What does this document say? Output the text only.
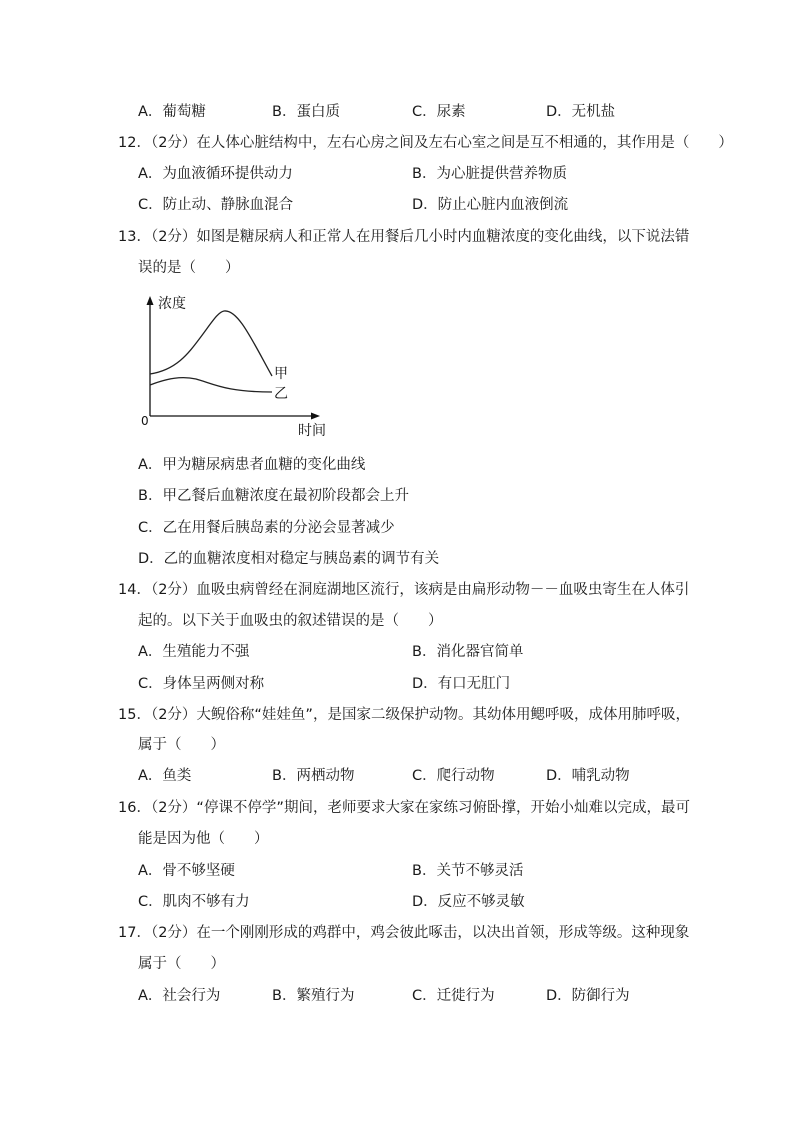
A．葡萄糖	B．蛋白质	C．尿素	D．无机盐
12．（2分）在人体心脏结构中，左右心房之间及左右心室之间是互不相通的，其作用是（　　）
A．为血液循环提供动力	B．为心脏提供营养物质
C．防止动、静脉血混合	D．防止心脏内血液倒流
13．（2分）如图是糖尿病人和正常人在用餐后几小时内血糖浓度的变化曲线，以下说法错
误的是（　　）
浓度
时间
0
甲
乙
A．甲为糖尿病患者血糖的变化曲线
B．甲乙餐后血糖浓度在最初阶段都会上升
C．乙在用餐后胰岛素的分泌会显著减少
D．乙的血糖浓度相对稳定与胰岛素的调节有关
14．（2分）血吸虫病曾经在洞庭湖地区流行，该病是由扁形动物－－血吸虫寄生在人体引
起的。以下关于血吸虫的叙述错误的是（　　）
A．生殖能力不强	B．消化器官简单
C．身体呈两侧对称	D．有口无肛门
15．（2分）大鲵俗称“娃娃鱼”，是国家二级保护动物。其幼体用鳃呼吸，成体用肺呼吸，
属于（　　）
A．鱼类	B．两栖动物	C．爬行动物	D．哺乳动物
16．（2分）“停课不停学”期间，老师要求大家在家练习俯卧撑，开始小灿难以完成，最可
能是因为他（　　）
A．骨不够坚硬	B．关节不够灵活
C．肌肉不够有力	D．反应不够灵敏
17．（2分）在一个刚刚形成的鸡群中，鸡会彼此啄击，以决出首领，形成等级。这种现象
属于（　　）
A．社会行为	B．繁殖行为	C．迁徙行为	D．防御行为
